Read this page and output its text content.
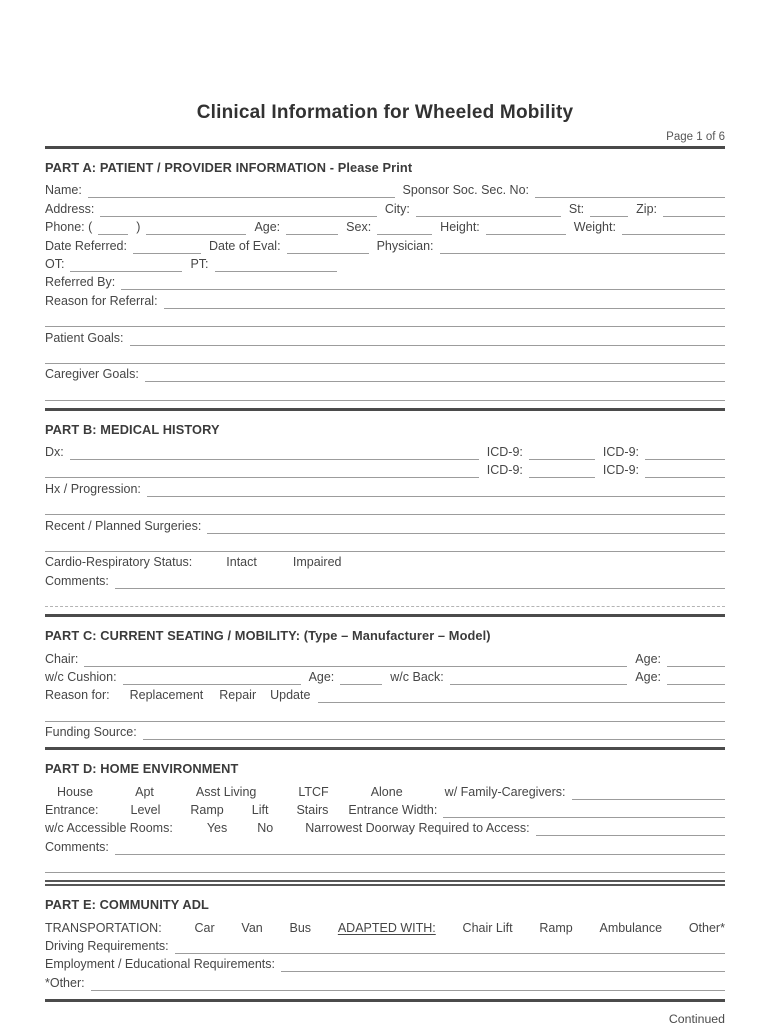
Clinical Information for Wheeled Mobility
Page 1 of 6
PART A: PATIENT / PROVIDER INFORMATION - Please Print
Name:	Sponsor Soc. Sec. No:
Address:	City:	St:	Zip:
Phone: (	)	Age:	Sex:	Height:	Weight:
Date Referred:	Date of Eval:	Physician:
OT:	PT:
Referred By:
Reason for Referral:
Patient Goals:
Caregiver Goals:
PART B: MEDICAL HISTORY
Dx:	ICD-9:	ICD-9:
ICD-9:	ICD-9:
Hx / Progression:
Recent / Planned Surgeries:
Cardio-Respiratory Status:	Intact	Impaired
Comments:
PART C: CURRENT SEATING / MOBILITY: (Type – Manufacturer – Model)
Chair:	Age:
w/c Cushion:	Age:	w/c Back:	Age:
Reason for: Replacement Repair Update
Funding Source:
PART D: HOME ENVIRONMENT
House	Apt	Asst Living	LTCF	Alone	w/ Family-Caregivers:
Entrance:	Level Ramp Lift Stairs Entrance Width:
w/c Accessible Rooms:	Yes No	Narrowest Doorway Required to Access:
Comments:
PART E: COMMUNITY ADL
TRANSPORTATION:	Car Van Bus ADAPTED WITH: Chair Lift Ramp Ambulance Other*
Driving Requirements:
Employment / Educational Requirements:
*Other:
Continued
